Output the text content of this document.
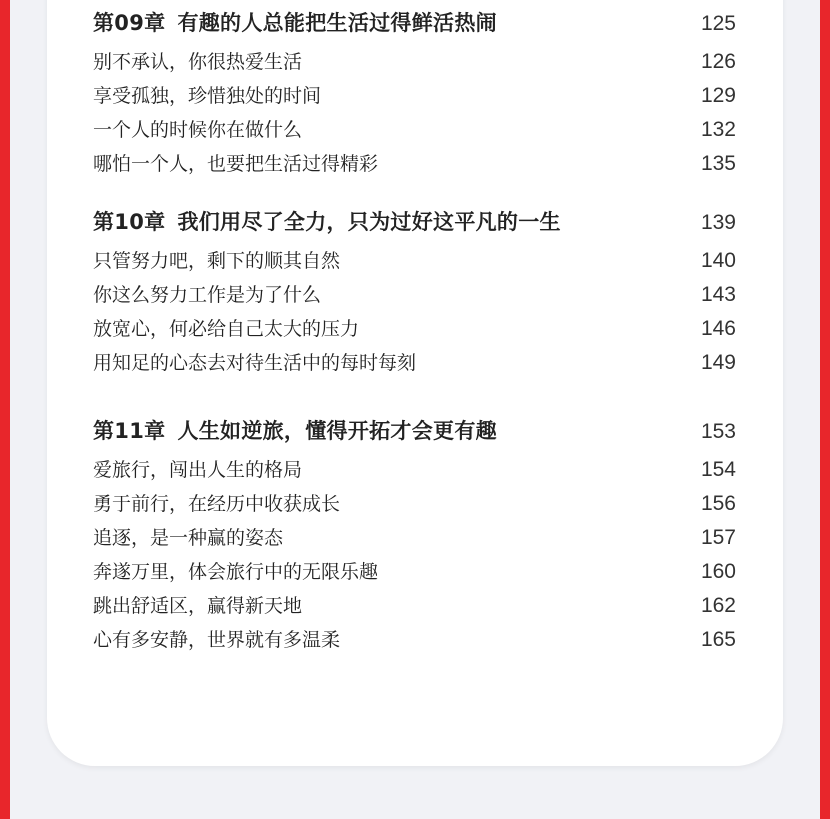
第09章 有趣的人总能把生活过得鲜活热闹	125
别不承认，你很热爱生活	126
享受孤独，珍惜独处的时间	129
一个人的时候你在做什么	132
哪怕一个人，也要把生活过得精彩	135
第10章 我们用尽了全力，只为过好这平凡的一生	139
只管努力吧，剩下的顺其自然	140
你这么努力工作是为了什么	143
放宽心，何必给自己太大的压力	146
用知足的心态去对待生活中的每时每刻	149
第11章 人生如逆旅，懂得开拓才会更有趣	153
爱旅行，闯出人生的格局	154
勇于前行，在经历中收获成长	156
追逐，是一种赢的姿态	157
奔遂万里，体会旅行中的无限乐趣	160
跳出舒适区，赢得新天地	162
心有多安静，世界就有多温柔	165
